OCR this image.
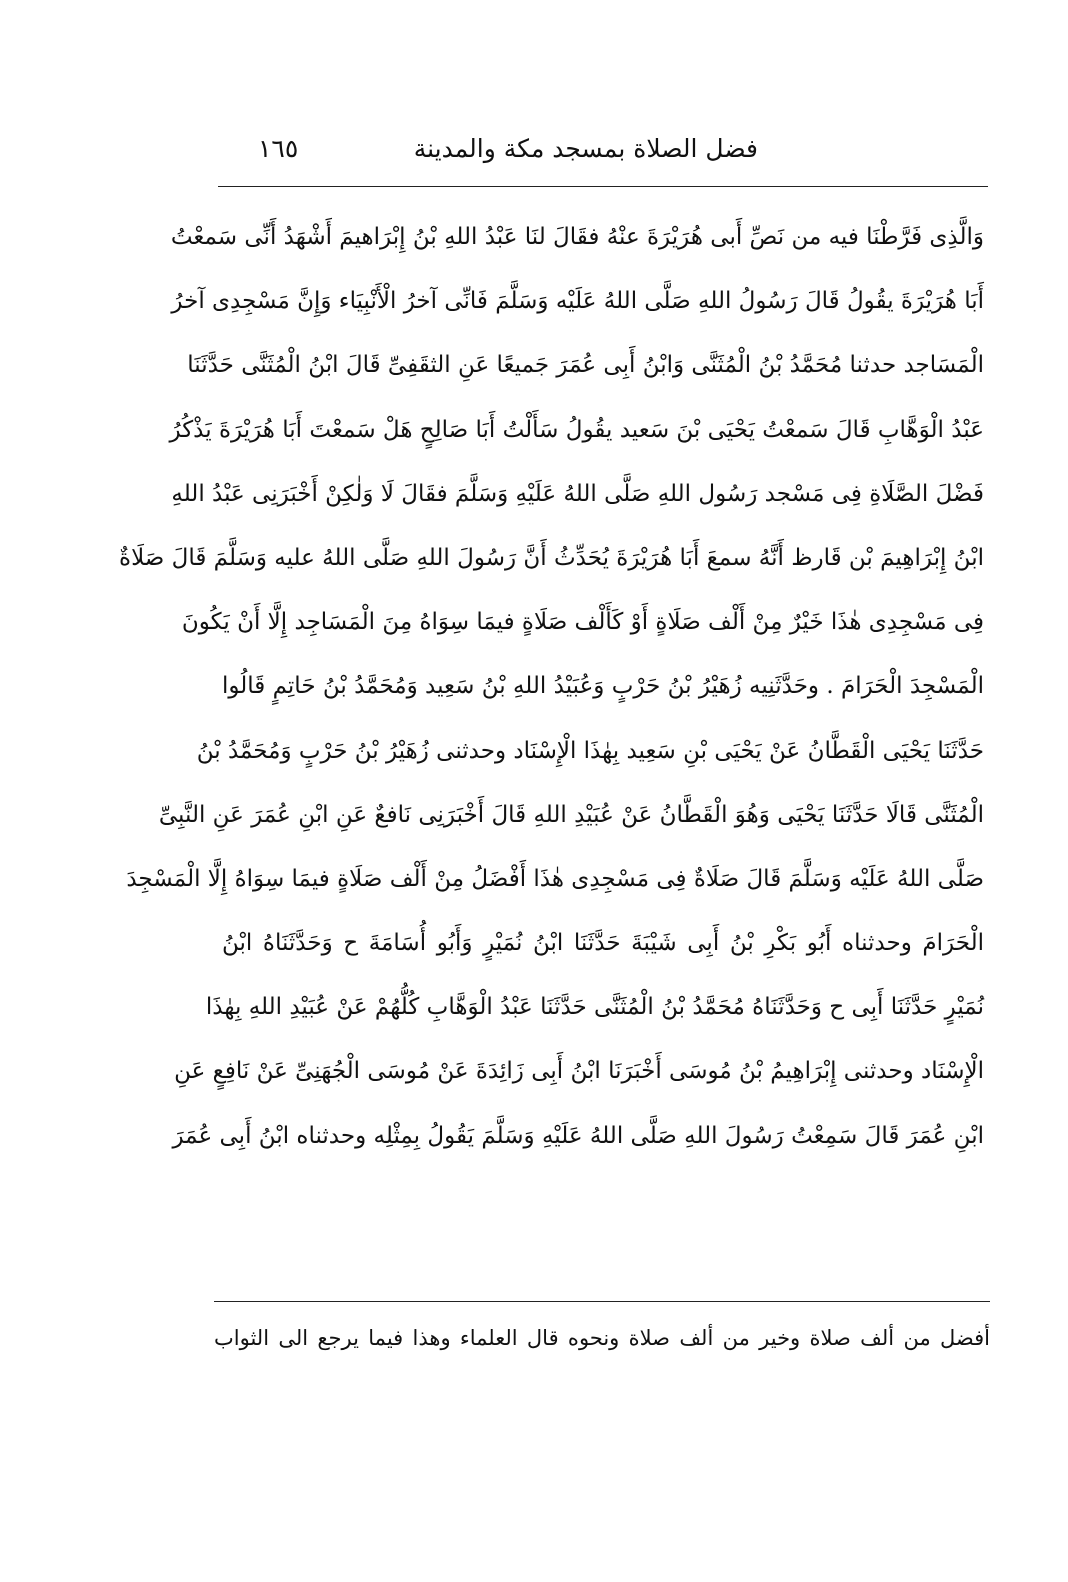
فضل الصلاة بمسجد مكة والمدينة
١٦٥
وَالَّذِى فَرَّطْنَا فيه من نَصِّ أَبى هُرَيْرَةَ عنْهُ فقَالَ لنَا عَبْدُ اللهِ بْنُ إِبْرَاهيمَ أَشْهَدُ أَنِّى سَمعْتُ
أَبَا هُرَيْرَةَ يقُولُ قَالَ رَسُولُ اللهِ صَلَّى اللهُ عَلَيْه وَسَلَّمَ فَانِّى آخرُ الْأَنْبِيَاء وَإِنَّ مَسْجِدِى آخرُ
الْمَسَاجد حدثنا مُحَمَّدُ بْنُ الْمُثَنَّى وَابْنُ أَبِى عُمَرَ جَميعًا عَنِ الثقَفِىِّ قَالَ ابْنُ الْمُثَنَّى حَدَّثَنَا
عَبْدُ الْوَهَّابِ قَالَ سَمعْتُ يَحْيَى بْنَ سَعيد يقُولُ سَأَلْتُ أَبَا صَالِحٍ هَلْ سَمعْتَ أَبَا هُرَيْرَةَ يَذْكُرُ
فَضْلَ الصَّلَاةِ فِى مَسْجد رَسُول اللهِ صَلَّى اللهُ عَلَيْهِ وَسَلَّمَ فقَالَ لَا وَلٰكِنْ أَخْبَرَنِى عَبْدُ اللهِ
ابْنُ إِبْرَاهِيمَ بْن قَارظ أَنَّهُ سمعَ أَبَا هُرَيْرَةَ يُحَدِّثُ أَنَّ رَسُولَ اللهِ صَلَّى اللهُ عليه وَسَلَّمَ قَالَ صَلَاةٌ
فِى مَسْجِدِى هٰذَا خَيْرٌ مِنْ أَلْف صَلَاةٍ أَوْ كَأَلْف صَلَاةٍ فيمَا سِوَاهُ مِنَ الْمَسَاجِد إِلَّا أَنْ يَكُونَ
الْمَسْجِدَ الْحَرَامَ . وحَدَّثَنِيه زُهَيْرُ بْنُ حَرْبٍ وَعُبَيْدُ اللهِ بْنُ سَعِيد وَمُحَمَّدُ بْنُ حَاتِمٍ قَالُوا
حَدَّثَنَا يَحْيَى الْقَطَّانُ عَنْ يَحْيَى بْنِ سَعِيد بِهٰذَا الْإِسْنَاد وحدثنى زُهَيْرُ بْنُ حَرْبٍ وَمُحَمَّدُ بْنُ
الْمُثَنَّى قَالَا حَدَّثَنَا يَحْيَى وَهُوَ الْقَطَّانُ عَنْ عُبَيْدِ اللهِ قَالَ أَخْبَرَنِى نَافعٌ عَنِ ابْنِ عُمَرَ عَنِ النَّبِىِّ
صَلَّى اللهُ عَلَيْه وَسَلَّمَ قَالَ صَلَاةٌ فِى مَسْجِدِى هٰذَا أَفْضَلُ مِنْ أَلْف صَلَاةٍ فيمَا سِوَاهُ إِلَّا الْمَسْجِدَ
الْحَرَامَ وحدثناه أَبُو بَكْرِ بْنُ أَبِى شَيْبَةَ حَدَّثَنَا ابْنُ نُمَيْرٍ وَأَبُو أُسَامَةَ ح وَحَدَّثَنَاهُ ابْنُ
نُمَيْرٍ حَدَّثَنَا أَبِى ح وَحَدَّثَنَاهُ مُحَمَّدُ بْنُ الْمُثَنَّى حَدَّثَنَا عَبْدُ الْوَهَّابِ كُلُّهُمْ عَنْ عُبَيْدِ اللهِ بِهٰذَا
الْإِسْنَاد وحدثنى إِبْرَاهِيمُ بْنُ مُوسَى أَخْبَرَنَا ابْنُ أَبِى زَائِدَةَ عَنْ مُوسَى الْجُهَنِىِّ عَنْ نَافِعٍ عَنِ
ابْنِ عُمَرَ قَالَ سَمِعْتُ رَسُولَ اللهِ صَلَّى اللهُ عَلَيْهِ وَسَلَّمَ يَقُولُ بِمِثْلِه وحدثناه ابْنُ أَبِى عُمَرَ
أفضل من ألف صلاة وخير من ألف صلاة ونحوه قال العلماء وهذا فيما يرجع الى الثواب
